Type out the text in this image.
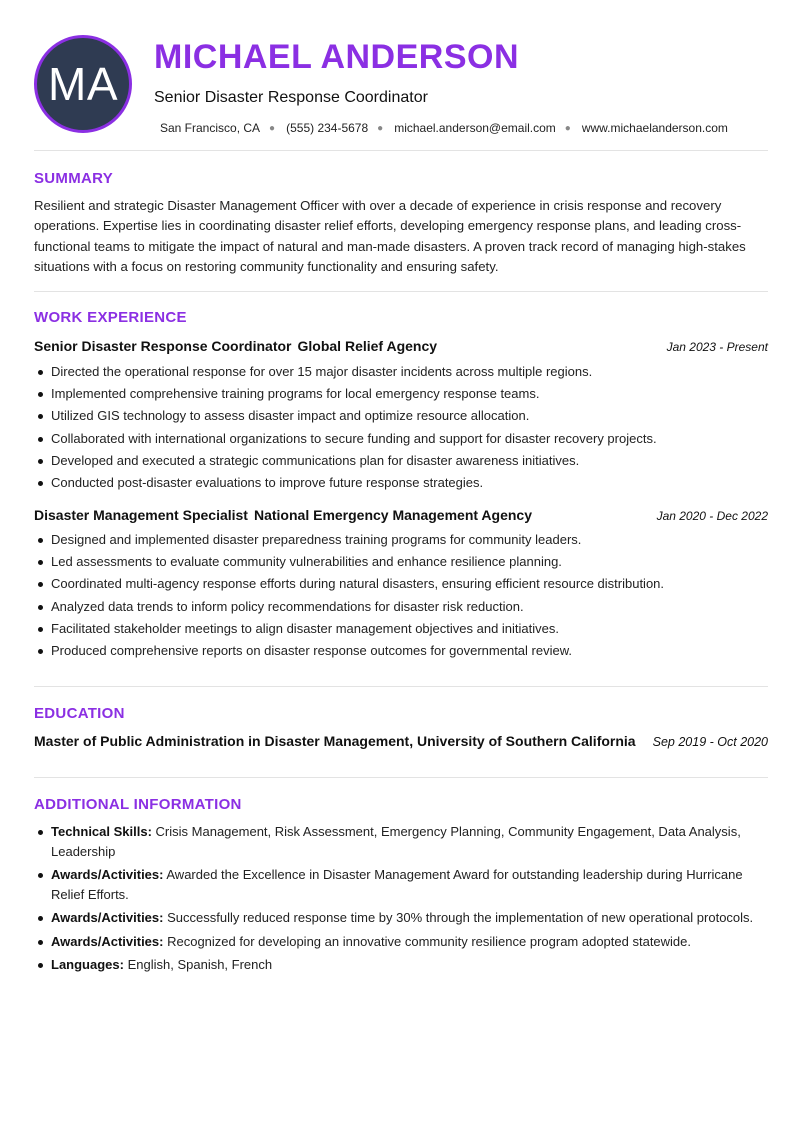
MA
MICHAEL ANDERSON
Senior Disaster Response Coordinator
San Francisco, CA ● (555) 234-5678 ● michael.anderson@email.com ● www.michaelanderson.com
SUMMARY
Resilient and strategic Disaster Management Officer with over a decade of experience in crisis response and recovery operations. Expertise lies in coordinating disaster relief efforts, developing emergency response plans, and leading cross-functional teams to mitigate the impact of natural and man-made disasters. A proven track record of managing high-stakes situations with a focus on restoring community functionality and ensuring safety.
WORK EXPERIENCE
Senior Disaster Response Coordinator Global Relief Agency	Jan 2023 - Present
Directed the operational response for over 15 major disaster incidents across multiple regions.
Implemented comprehensive training programs for local emergency response teams.
Utilized GIS technology to assess disaster impact and optimize resource allocation.
Collaborated with international organizations to secure funding and support for disaster recovery projects.
Developed and executed a strategic communications plan for disaster awareness initiatives.
Conducted post-disaster evaluations to improve future response strategies.
Disaster Management Specialist National Emergency Management Agency	Jan 2020 - Dec 2022
Designed and implemented disaster preparedness training programs for community leaders.
Led assessments to evaluate community vulnerabilities and enhance resilience planning.
Coordinated multi-agency response efforts during natural disasters, ensuring efficient resource distribution.
Analyzed data trends to inform policy recommendations for disaster risk reduction.
Facilitated stakeholder meetings to align disaster management objectives and initiatives.
Produced comprehensive reports on disaster response outcomes for governmental review.
EDUCATION
Master of Public Administration in Disaster Management, University of Southern California Sep 2019 - Oct 2020
ADDITIONAL INFORMATION
Technical Skills: Crisis Management, Risk Assessment, Emergency Planning, Community Engagement, Data Analysis, Leadership
Awards/Activities: Awarded the Excellence in Disaster Management Award for outstanding leadership during Hurricane Relief Efforts.
Awards/Activities: Successfully reduced response time by 30% through the implementation of new operational protocols.
Awards/Activities: Recognized for developing an innovative community resilience program adopted statewide.
Languages: English, Spanish, French
